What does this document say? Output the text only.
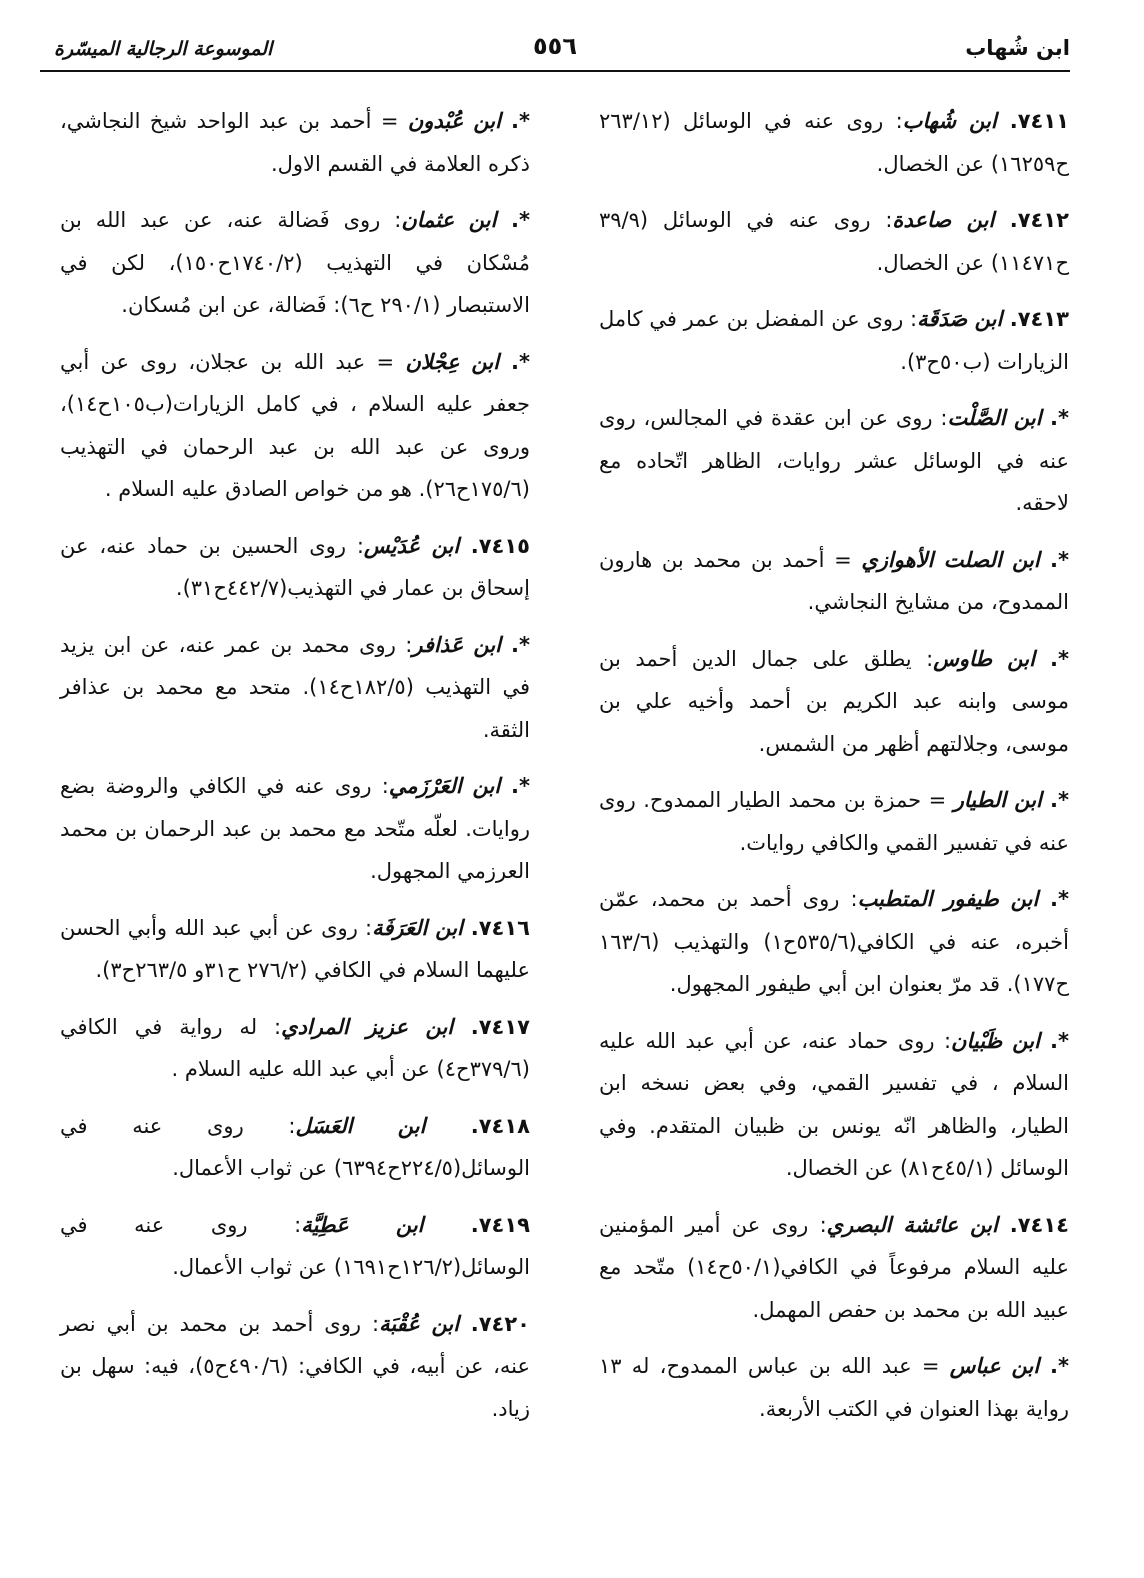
ابن شُهاب
٥٥٦
الموسوعة الرجالية الميسّرة

٧٤١١. ابن شُهاب: روى عنه في الوسائل (٢٦٣/١٢ ح١٦٢٥٩) عن الخصال.

٧٤١٢. ابن صاعدة: روى عنه في الوسائل (٣٩/٩ ح١١٤٧١) عن الخصال.

٧٤١٣. ابن صَدَقَة: روى عن المفضل بن عمر في كامل الزيارات (ب٥٠ح٣).

*. ابن الصَّلْت: روى عن ابن عقدة في المجالس، روى عنه في الوسائل عشر روايات، الظاهر اتّحاده مع لاحقه.

*. ابن الصلت الأهوازي = أحمد بن محمد بن هارون الممدوح، من مشايخ النجاشي.

*. ابن طاوس: يطلق على جمال الدين أحمد بن موسى وابنه عبد الكريم بن أحمد وأخيه علي بن موسى، وجلالتهم أظهر من الشمس.

*. ابن الطيار = حمزة بن محمد الطيار الممدوح. روى عنه في تفسير القمي والكافي روايات.

*. ابن طيفور المتطبب: روى أحمد بن محمد، عمّن أخبره، عنه في الكافي(٥٣٥/٦ح١) والتهذيب (١٦٣/٦ ح١٧٧). قد مرّ بعنوان ابن أبي طيفور المجهول.

*. ابن ظَبْيان: روى حماد عنه، عن أبي عبد الله عليه السلام ، في تفسير القمي، وفي بعض نسخه ابن الطيار، والظاهر انّه يونس بن ظبيان المتقدم. وفي الوسائل (٤٥/١ح٨١) عن الخصال.

٧٤١٤. ابن عائشة البصري: روى عن أمير المؤمنين عليه السلام مرفوعاً في الكافي(٥٠/١ح١٤) متّحد مع عبيد الله بن محمد بن حفص المهمل.

*. ابن عباس = عبد الله بن عباس الممدوح، له ١٣ رواية بهذا العنوان في الكتب الأربعة.

*. ابن عُبْدون = أحمد بن عبد الواحد شيخ النجاشي، ذكره العلامة في القسم الاول.

*. ابن عثمان: روى فَضالة عنه، عن عبد الله بن مُسْكان في التهذيب (١٧٤٠/٢ح١٥٠)، لكن في الاستبصار (٢٩٠/١ ح٦): فَضالة، عن ابن مُسكان.

*. ابن عِجْلان = عبد الله بن عجلان، روى عن أبي جعفر عليه السلام ، في كامل الزيارات(ب١٠٥ح١٤)، وروى عن عبد الله بن عبد الرحمان في التهذيب (١٧٥/٦ح٢٦). هو من خواص الصادق عليه السلام .

٧٤١٥. ابن عُدَيْس: روى الحسين بن حماد عنه، عن إسحاق بن عمار في التهذيب(٤٤٢/٧ح٣١).

*. ابن عَذافر: روى محمد بن عمر عنه، عن ابن يزيد في التهذيب (١٨٢/٥ح١٤). متحد مع محمد بن عذافر الثقة.

*. ابن العَرْزَمي: روى عنه في الكافي والروضة بضع روايات. لعلّه متّحد مع محمد بن عبد الرحمان بن محمد العرزمي المجهول.

٧٤١٦. ابن العَرَفَة: روى عن أبي عبد الله وأبي الحسن عليهما السلام في الكافي (٢٧٦/٢ ح٣١و ٢٦٣/٥ح٣).

٧٤١٧. ابن عزيز المرادي: له رواية في الكافي (٣٧٩/٦ح٤) عن أبي عبد الله عليه السلام .

٧٤١٨. ابن العَسَل: روى عنه في الوسائل(٢٢٤/٥ح٦٣٩٤) عن ثواب الأعمال.

٧٤١٩. ابن عَطِيَّة: روى عنه في الوسائل(١٢٦/٢ح١٦٩١) عن ثواب الأعمال.

٧٤٢٠. ابن عُقْبَة: روى أحمد بن محمد بن أبي نصر عنه، عن أبيه، في الكافي: (٤٩٠/٦ح٥)، فيه: سهل بن زياد.
